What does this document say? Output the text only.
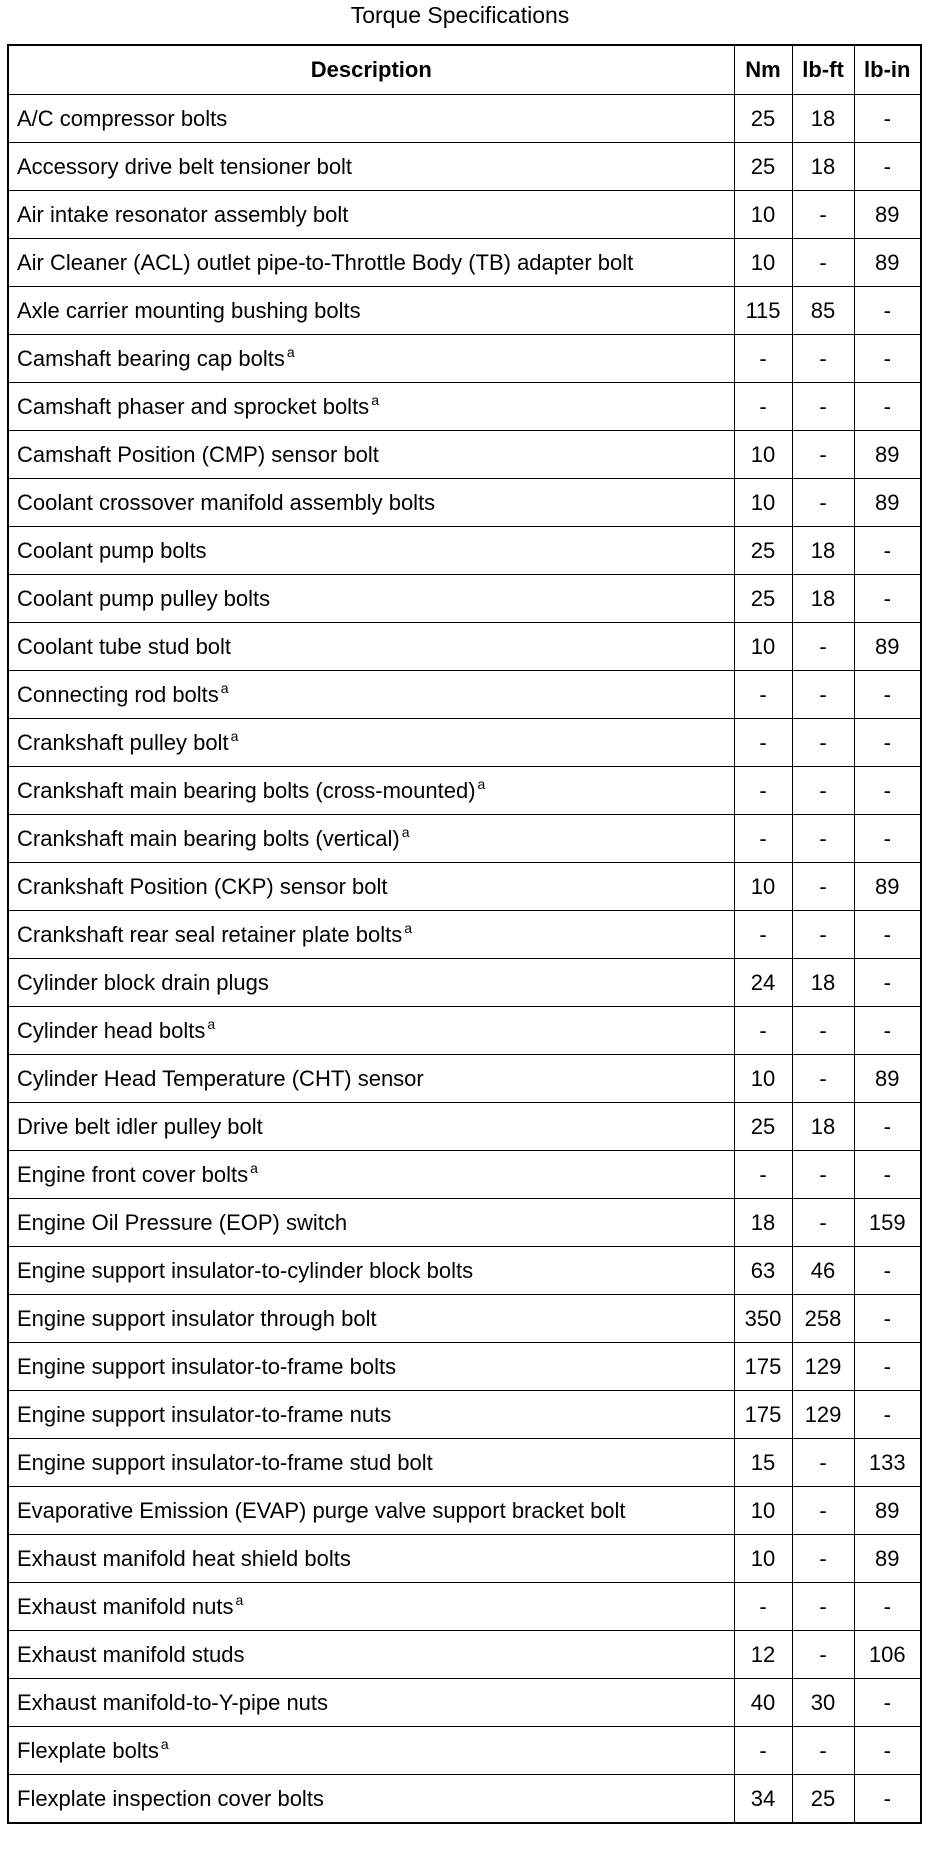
Torque Specifications
Description	Nm	lb-ft	lb-in
A/C compressor bolts	25	18	-
Accessory drive belt tensioner bolt	25	18	-
Air intake resonator assembly bolt	10	-	89
Air Cleaner (ACL) outlet pipe-to-Throttle Body (TB) adapter bolt	10	-	89
Axle carrier mounting bushing bolts	115	85	-
Camshaft bearing cap bolts $^a$	-	-	-
Camshaft phaser and sprocket bolts $^a$	-	-	-
Camshaft Position (CMP) sensor bolt	10	-	89
Coolant crossover manifold assembly bolts	10	-	89
Coolant pump bolts	25	18	-
Coolant pump pulley bolts	25	18	-
Coolant tube stud bolt	10	-	89
Connecting rod bolts $^a$	-	-	-
Crankshaft pulley bolt $^a$	-	-	-
Crankshaft main bearing bolts (cross-mounted) $^a$	-	-	-
Crankshaft main bearing bolts (vertical) $^a$	-	-	-
Crankshaft Position (CKP) sensor bolt	10	-	89
Crankshaft rear seal retainer plate bolts $^a$	-	-	-
Cylinder block drain plugs	24	18	-
Cylinder head bolts $^a$	-	-	-
Cylinder Head Temperature (CHT) sensor	10	-	89
Drive belt idler pulley bolt	25	18	-
Engine front cover bolts $^a$	-	-	-
Engine Oil Pressure (EOP) switch	18	-	159
Engine support insulator-to-cylinder block bolts	63	46	-
Engine support insulator through bolt	350	258	-
Engine support insulator-to-frame bolts	175	129	-
Engine support insulator-to-frame nuts	175	129	-
Engine support insulator-to-frame stud bolt	15	-	133
Evaporative Emission (EVAP) purge valve support bracket bolt	10	-	89
Exhaust manifold heat shield bolts	10	-	89
Exhaust manifold nuts $^a$	-	-	-
Exhaust manifold studs	12	-	106
Exhaust manifold-to-Y-pipe nuts	40	30	-
Flexplate bolts $^a$	-	-	-
Flexplate inspection cover bolts	34	25	-
